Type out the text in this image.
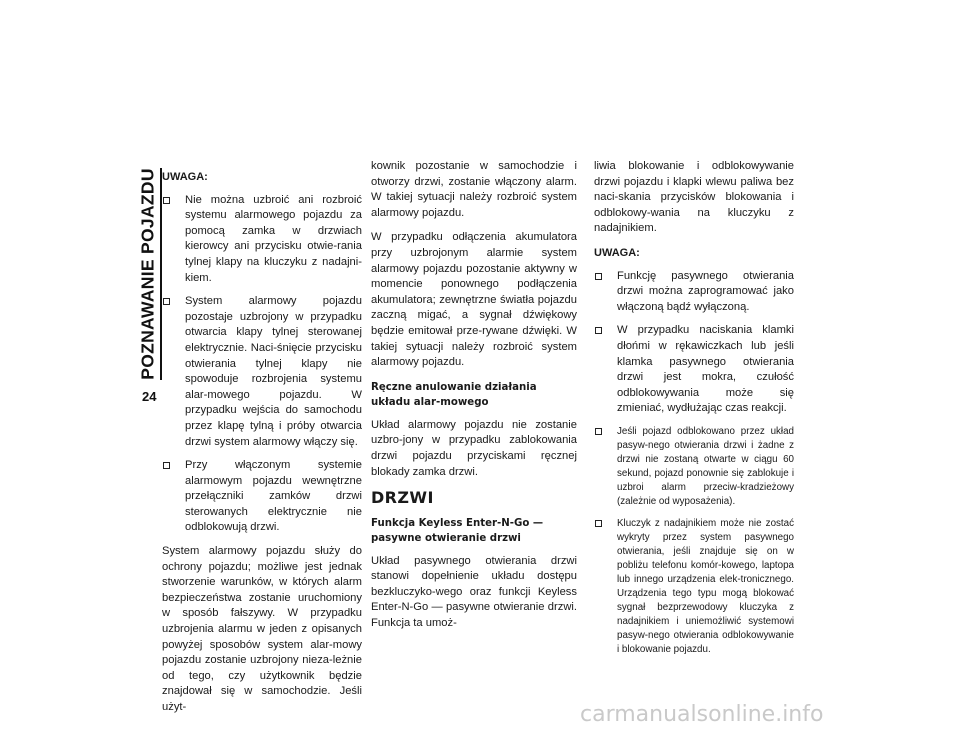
POZNAWANIE POJAZDU
24
UWAGA:
Nie można uzbroić ani rozbroić systemu alarmowego pojazdu za pomocą zamka w drzwiach kierowcy ani przycisku otwie-rania tylnej klapy na kluczyku z nadajni-kiem.
System alarmowy pojazdu pozostaje uzbrojony w przypadku otwarcia klapy tylnej sterowanej elektrycznie. Naci-śnięcie przycisku otwierania tylnej klapy nie spowoduje rozbrojenia systemu alar-mowego pojazdu. W przypadku wejścia do samochodu przez klapę tylną i próby otwarcia drzwi system alarmowy włączy się.
Przy włączonym systemie alarmowym pojazdu wewnętrzne przełączniki zamków drzwi sterowanych elektrycznie nie odblokowują drzwi.

System alarmowy pojazdu służy do ochrony pojazdu; możliwe jest jednak stworzenie warunków, w których alarm bezpieczeństwa zostanie uruchomiony w sposób fałszywy. W przypadku uzbrojenia alarmu w jeden z opisanych powyżej sposobów system alar-mowy pojazdu zostanie uzbrojony nieza-leżnie od tego, czy użytkownik będzie znajdował się w samochodzie. Jeśli użyt-

kownik pozostanie w samochodzie i otworzy drzwi, zostanie włączony alarm. W takiej sytuacji należy rozbroić system alarmowy pojazdu.

W przypadku odłączenia akumulatora przy uzbrojonym alarmie system alarmowy pojazdu pozostanie aktywny w momencie ponownego podłączenia akumulatora; zewnętrzne światła pojazdu zaczną migać, a sygnał dźwiękowy będzie emitował prze-rywane dźwięki. W takiej sytuacji należy rozbroić system alarmowy pojazdu.

Ręczne anulowanie działania układu alar-mowego

Układ alarmowy pojazdu nie zostanie uzbro-jony w przypadku zablokowania drzwi pojazdu przyciskami ręcznej blokady zamka drzwi.

DRZWI
Funkcja Keyless Enter-N-Go — pasywne otwieranie drzwi

Układ pasywnego otwierania drzwi stanowi dopełnienie układu dostępu bezkluczyko-wego oraz funkcji Keyless Enter-N-Go — pasywne otwieranie drzwi. Funkcja ta umoż-

liwia blokowanie i odblokowywanie drzwi pojazdu i klapki wlewu paliwa bez naci-skania przycisków blokowania i odblokowy-wania na kluczyku z nadajnikiem.

UWAGA:
Funkcję pasywnego otwierania drzwi można zaprogramować jako włączoną bądź wyłączoną.
W przypadku naciskania klamki dłońmi w rękawiczkach lub jeśli klamka pasywnego otwierania drzwi jest mokra, czułość odblokowywania może się zmieniać, wydłużając czas reakcji.
Jeśli pojazd odblokowano przez układ pasyw-nego otwierania drzwi i żadne z drzwi nie zostaną otwarte w ciągu 60 sekund, pojazd ponownie się zablokuje i uzbroi alarm przeciw-kradzieżowy (zależnie od wyposażenia).
Kluczyk z nadajnikiem może nie zostać wykryty przez system pasywnego otwierania, jeśli znajduje się on w pobliżu telefonu komór-kowego, laptopa lub innego urządzenia elek-tronicznego. Urządzenia tego typu mogą blokować sygnał bezprzewodowy kluczyka z nadajnikiem i uniemożliwić systemowi pasyw-nego otwierania odblokowywanie i blokowanie pojazdu.
carmanualsonline.info
